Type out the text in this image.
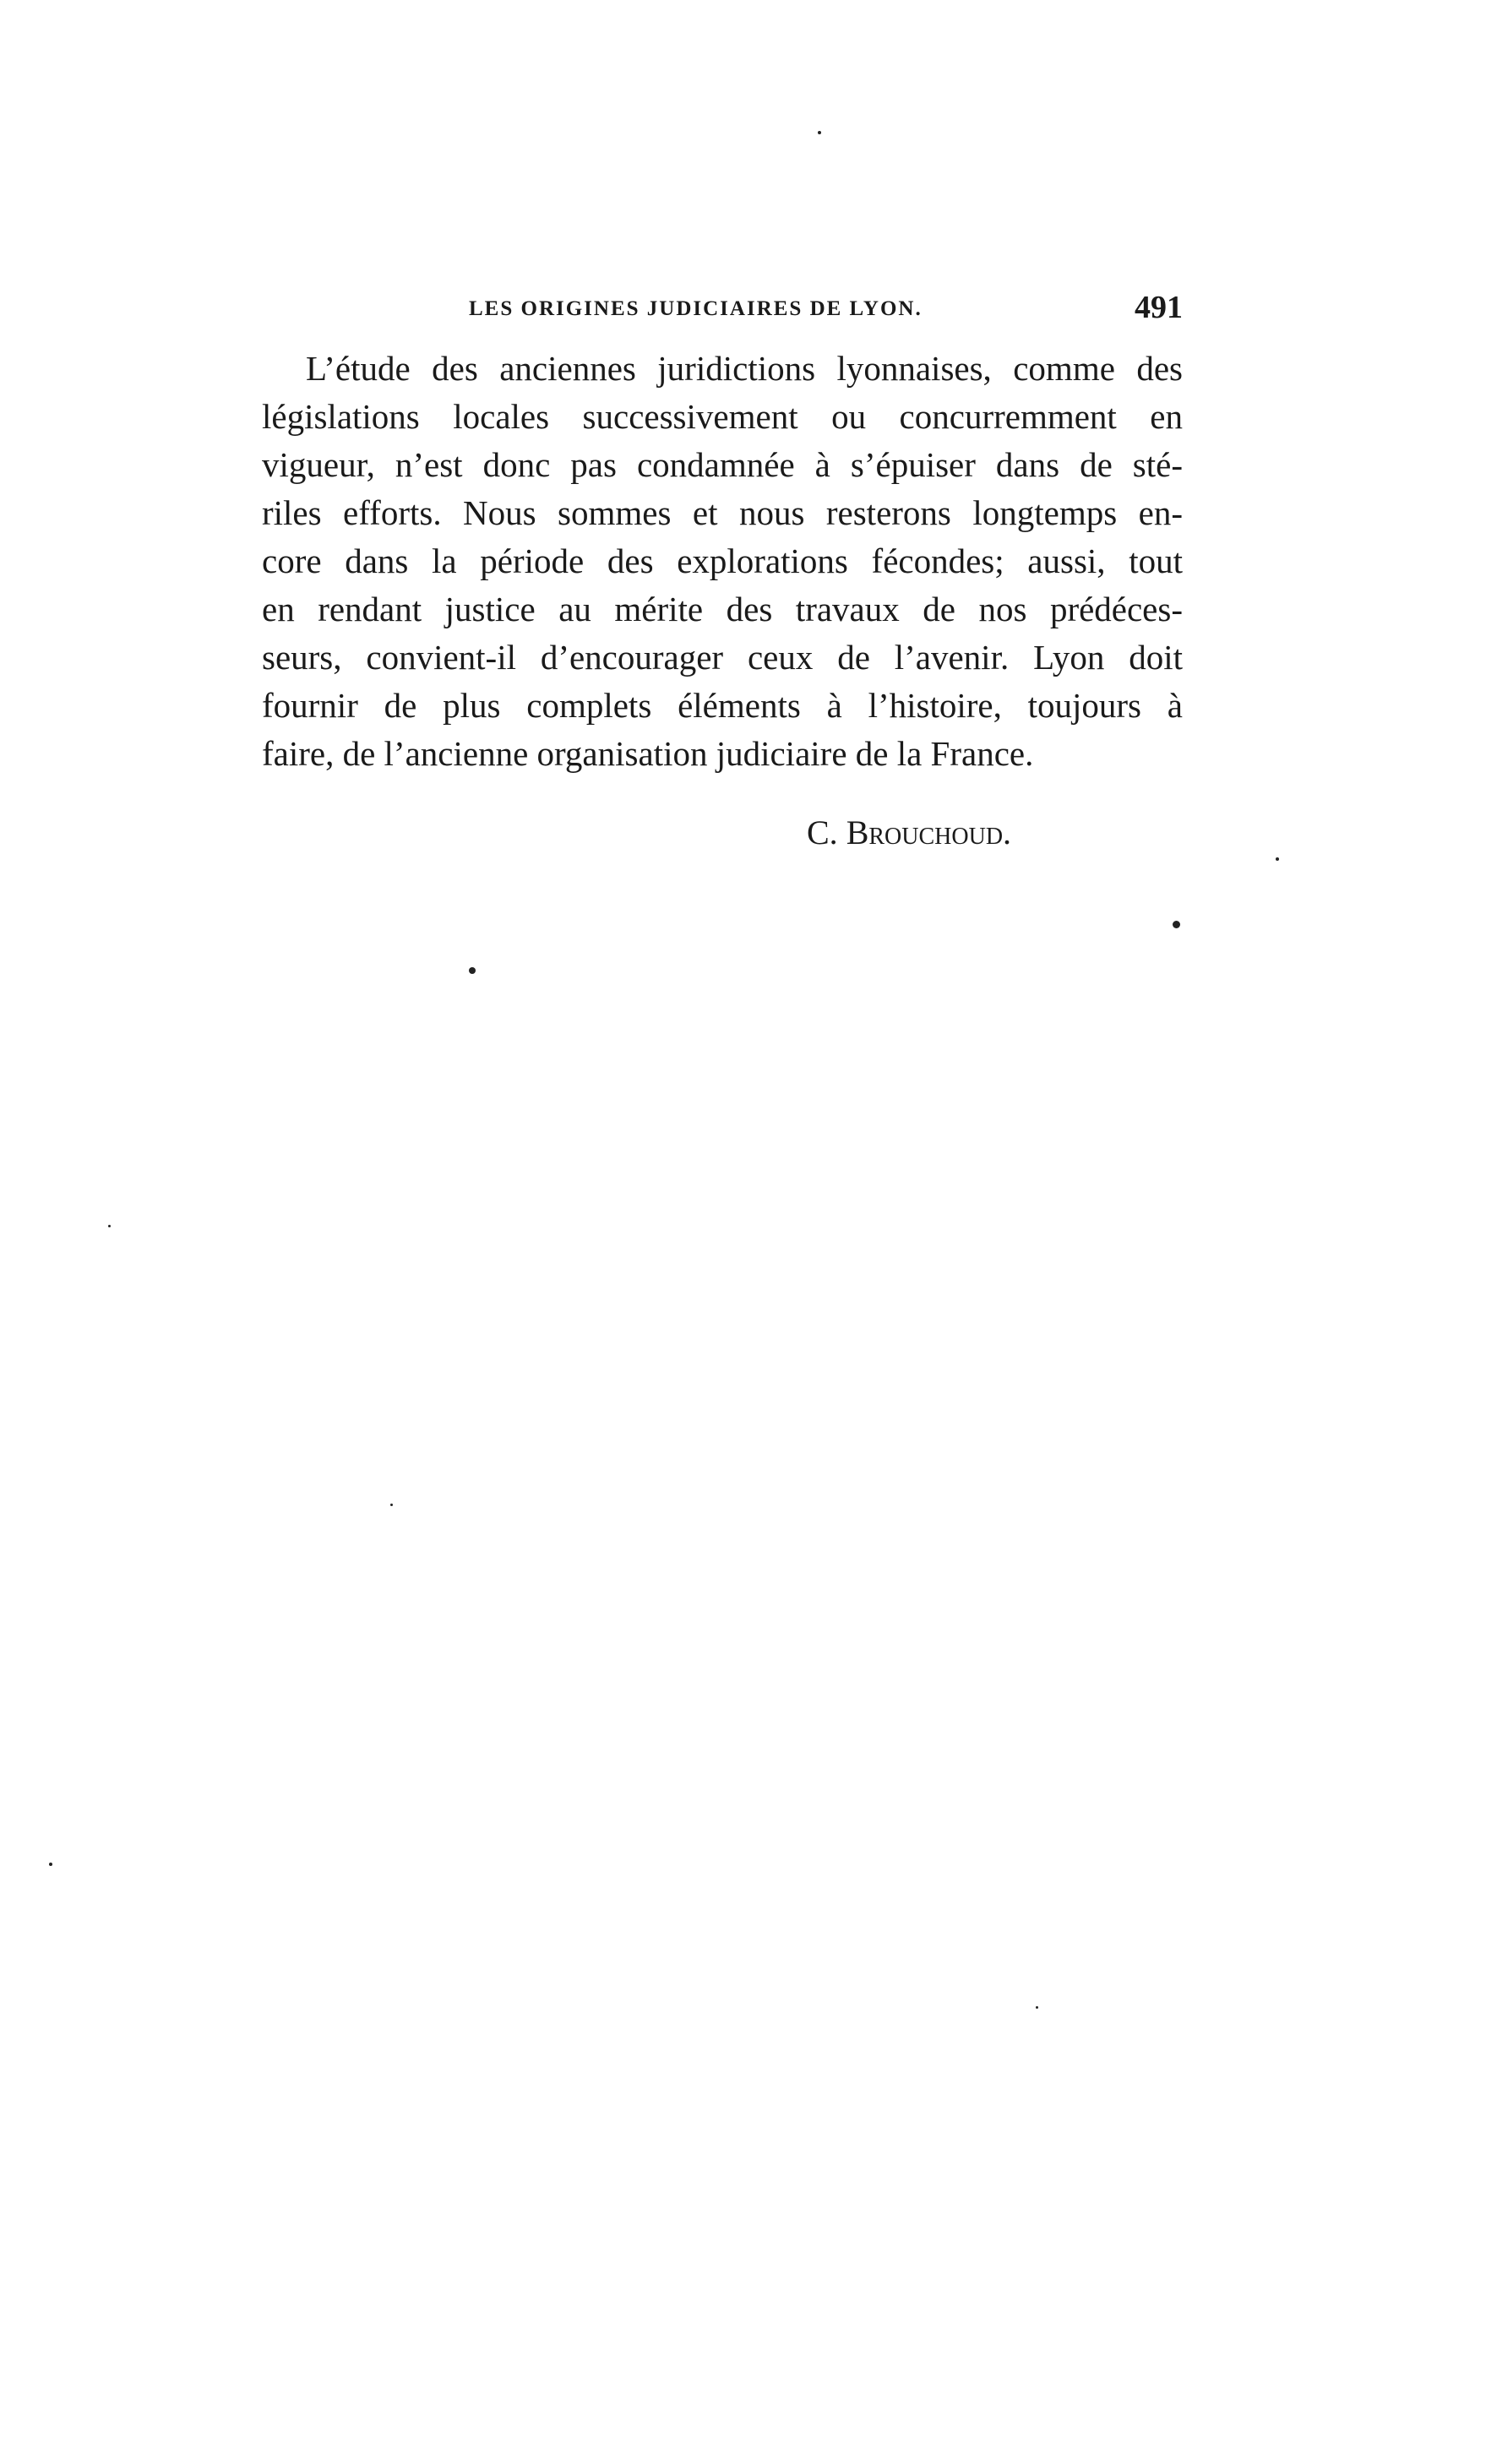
LES ORIGINES JUDICIAIRES DE LYON.	491
L’étude des anciennes juridictions lyonnaises, comme des
législations locales successivement ou concurremment en
vigueur, n’est donc pas condamnée à s’épuiser dans de sté-
riles efforts. Nous sommes et nous resterons longtemps en-
core dans la période des explorations fécondes; aussi, tout
en rendant justice au mérite des travaux de nos prédéces-
seurs, convient-il d’encourager ceux de l’avenir. Lyon doit
fournir de plus complets éléments à l’histoire, toujours à
faire, de l’ancienne organisation judiciaire de la France.
C. Brouchoud.
